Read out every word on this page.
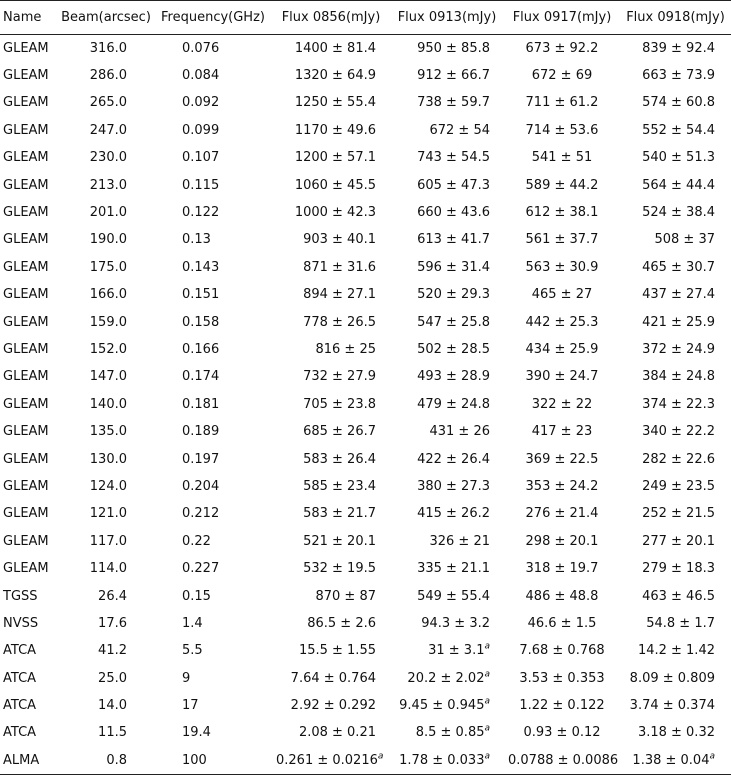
Name	Beam(arcsec)	Frequency(GHz)	Flux 0856(mJy)	Flux 0913(mJy)	Flux 0917(mJy)	Flux 0918(mJy)
GLEAM	316.0	0.076	1400 ± 81.4	950 ± 85.8	673 ± 92.2	839 ± 92.4
GLEAM	286.0	0.084	1320 ± 64.9	912 ± 66.7	672 ± 69	663 ± 73.9
GLEAM	265.0	0.092	1250 ± 55.4	738 ± 59.7	711 ± 61.2	574 ± 60.8
GLEAM	247.0	0.099	1170 ± 49.6	672 ± 54	714 ± 53.6	552 ± 54.4
GLEAM	230.0	0.107	1200 ± 57.1	743 ± 54.5	541 ± 51	540 ± 51.3
GLEAM	213.0	0.115	1060 ± 45.5	605 ± 47.3	589 ± 44.2	564 ± 44.4
GLEAM	201.0	0.122	1000 ± 42.3	660 ± 43.6	612 ± 38.1	524 ± 38.4
GLEAM	190.0	0.13	903 ± 40.1	613 ± 41.7	561 ± 37.7	508 ± 37
GLEAM	175.0	0.143	871 ± 31.6	596 ± 31.4	563 ± 30.9	465 ± 30.7
GLEAM	166.0	0.151	894 ± 27.1	520 ± 29.3	465 ± 27	437 ± 27.4
GLEAM	159.0	0.158	778 ± 26.5	547 ± 25.8	442 ± 25.3	421 ± 25.9
GLEAM	152.0	0.166	816 ± 25	502 ± 28.5	434 ± 25.9	372 ± 24.9
GLEAM	147.0	0.174	732 ± 27.9	493 ± 28.9	390 ± 24.7	384 ± 24.8
GLEAM	140.0	0.181	705 ± 23.8	479 ± 24.8	322 ± 22	374 ± 22.3
GLEAM	135.0	0.189	685 ± 26.7	431 ± 26	417 ± 23	340 ± 22.2
GLEAM	130.0	0.197	583 ± 26.4	422 ± 26.4	369 ± 22.5	282 ± 22.6
GLEAM	124.0	0.204	585 ± 23.4	380 ± 27.3	353 ± 24.2	249 ± 23.5
GLEAM	121.0	0.212	583 ± 21.7	415 ± 26.2	276 ± 21.4	252 ± 21.5
GLEAM	117.0	0.22	521 ± 20.1	326 ± 21	298 ± 20.1	277 ± 20.1
GLEAM	114.0	0.227	532 ± 19.5	335 ± 21.1	318 ± 19.7	279 ± 18.3
TGSS	26.4	0.15	870 ± 87	549 ± 55.4	486 ± 48.8	463 ± 46.5
NVSS	17.6	1.4	86.5 ± 2.6	94.3 ± 3.2	46.6 ± 1.5	54.8 ± 1.7
ATCA	41.2	5.5	15.5 ± 1.55	31 ± 3.1$^a$	7.68 ± 0.768	14.2 ± 1.42
ATCA	25.0	9	7.64 ± 0.764	20.2 ± 2.02$^a$	3.53 ± 0.353	8.09 ± 0.809
ATCA	14.0	17	2.92 ± 0.292	9.45 ± 0.945$^a$	1.22 ± 0.122	3.74 ± 0.374
ATCA	11.5	19.4	2.08 ± 0.21	8.5 ± 0.85$^a$	0.93 ± 0.12	3.18 ± 0.32
ALMA	0.8	100	0.261 ± 0.0216$^a$	1.78 ± 0.033$^a$	0.0788 ± 0.0086	1.38 ± 0.04$^a$
